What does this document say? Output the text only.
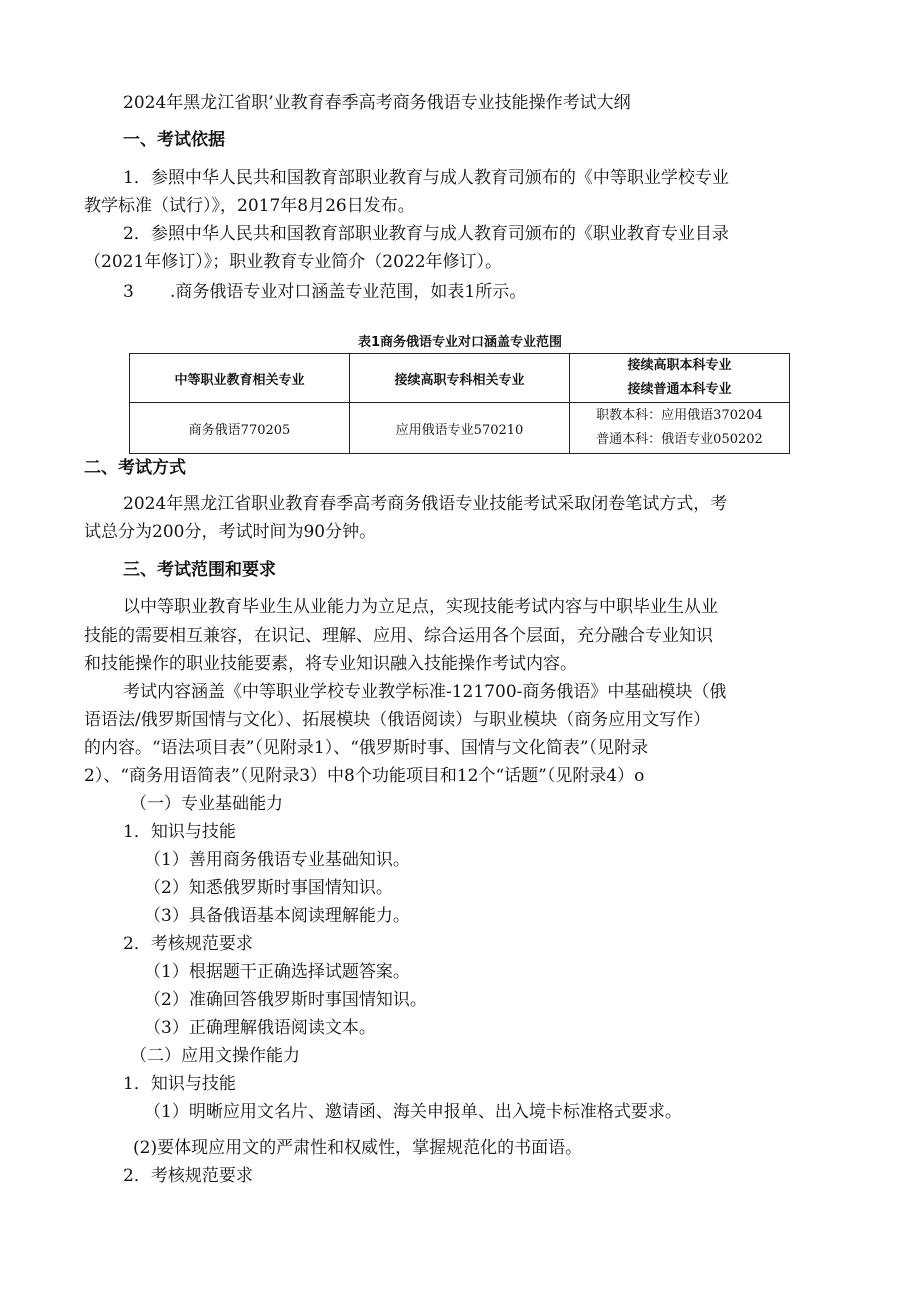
2024年黑龙江省职’业教育春季高考商务俄语专业技能操作考试大纲
一、考试依据
1．参照中华人民共和国教育部职业教育与成人教育司颁布的《中等职业学校专业
教学标准（试行）》，2017年8月26日发布。
2．参照中华人民共和国教育部职业教育与成人教育司颁布的《职业教育专业目录
（2021年修订）》；职业教育专业简介（2022年修订）。
3 .商务俄语专业对口涵盖专业范围，如表1所示。
表1商务俄语专业对口涵盖专业范围
中等职业教育相关专业	接续高职专科相关专业	接续高职本科专业
接续普通本科专业

商务俄语770205	应用俄语专业570210	职教本科：应用俄语370204
普通本科：俄语专业050202
二、考试方式
2024年黑龙江省职业教育春季高考商务俄语专业技能考试采取闭卷笔试方式，考
试总分为200分，考试时间为90分钟。
三、考试范围和要求
以中等职业教育毕业生从业能力为立足点，实现技能考试内容与中职毕业生从业
技能的需要相互兼容，在识记、理解、应用、综合运用各个层面，充分融合专业知识
和技能操作的职业技能要素，将专业知识融入技能操作考试内容。
考试内容涵盖《中等职业学校专业教学标准-121700-商务俄语》中基础模块（俄
语语法/俄罗斯国情与文化）、拓展模块（俄语阅读）与职业模块（商务应用文写作）
的内容。“语法项目表”（见附录1）、“俄罗斯时事、国情与文化简表”（见附录
2）、“商务用语简表”（见附录3）中8个功能项目和12个“话题”（见附录4）o
（一）专业基础能力
1．知识与技能
（1）善用商务俄语专业基础知识。
（2）知悉俄罗斯时事国情知识。
（3）具备俄语基本阅读理解能力。
2．考核规范要求
（1）根据题干正确选择试题答案。
（2）准确回答俄罗斯时事国情知识。
（3）正确理解俄语阅读文本。
（二）应用文操作能力
1．知识与技能
（1）明晰应用文名片、邀请函、海关申报单、出入境卡标准格式要求。
(2)要体现应用文的严肃性和权威性，掌握规范化的书面语。
2．考核规范要求
